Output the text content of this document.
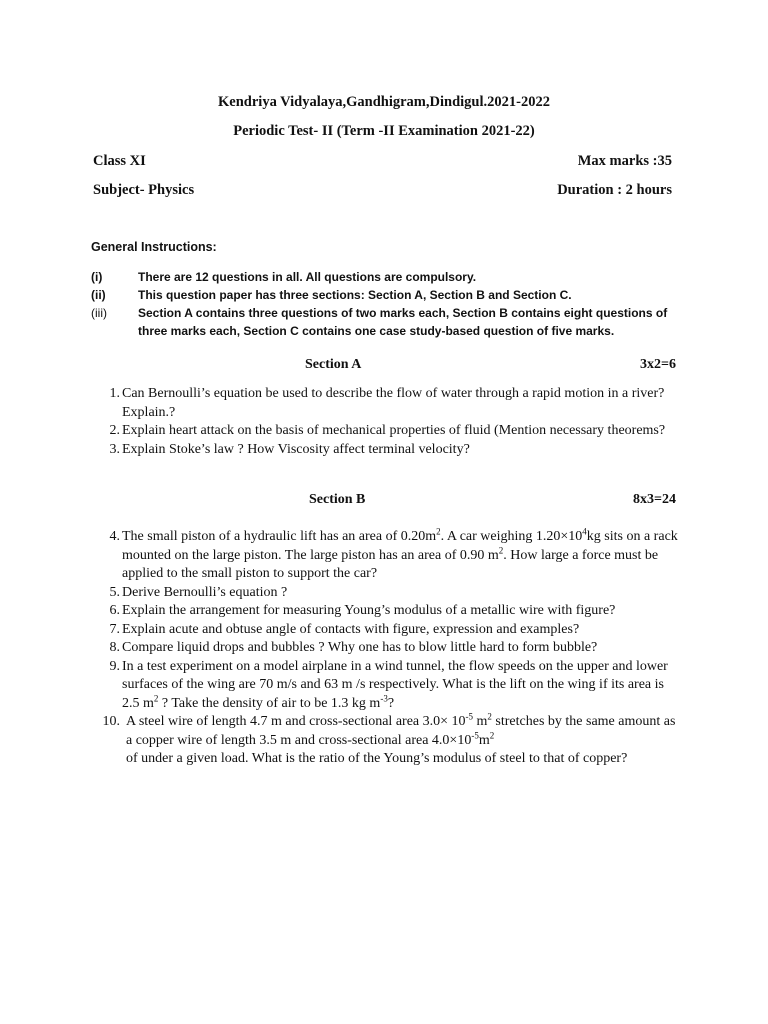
Kendriya Vidyalaya,Gandhigram,Dindigul.2021-2022
Periodic Test- II (Term -II Examination 2021-22)
Class XI	Max marks :35
Subject- Physics	Duration : 2 hours
General Instructions:
(i)	There are 12 questions in all. All questions are compulsory.
(ii)	This question paper has three sections: Section A, Section B and Section C.
(iii)	Section A contains three questions of two marks each, Section B contains eight questions of three marks each, Section C contains one case study-based question of five marks.
Section A	3x2=6
1. Can Bernoulli’s equation be used to describe the flow of water through a rapid motion in a river? Explain.?
2. Explain heart attack on the basis of mechanical properties of fluid (Mention necessary theorems?
3. Explain Stoke’s law ? How Viscosity affect terminal velocity?
Section B	8x3=24
4. The small piston of a hydraulic lift has an area of $0.20m^2$. A car weighing $1.20\times 10^4kg$ sits on a rack mounted on the large piston. The large piston has an area of 0.90 $m^2$. How large a force must be applied to the small piston to support the car?
5. Derive Bernoulli’s equation ?
6. Explain the arrangement for measuring Young’s modulus of a metallic wire with figure?
7. Explain acute and obtuse angle of contacts with figure, expression and examples?
8. Compare liquid drops and bubbles ? Why one has to blow little hard to form bubble?
9. In a test experiment on a model airplane in a wind tunnel, the flow speeds on the upper and lower surfaces of the wing are 70 m/s and 63 m /s respectively. What is the lift on the wing if its area is 2.5 $m^2$ ? Take the density of air to be 1.3 kg $m^{-3}$?
10. A steel wire of length 4.7 m and cross-sectional area $3.0\times 10^{-5}$ $m^2$ stretches by the same amount as a copper wire of length 3.5 m and cross-sectional area $4.0\times 10^{-5}m^2$
of under a given load. What is the ratio of the Young’s modulus of steel to that of copper?
